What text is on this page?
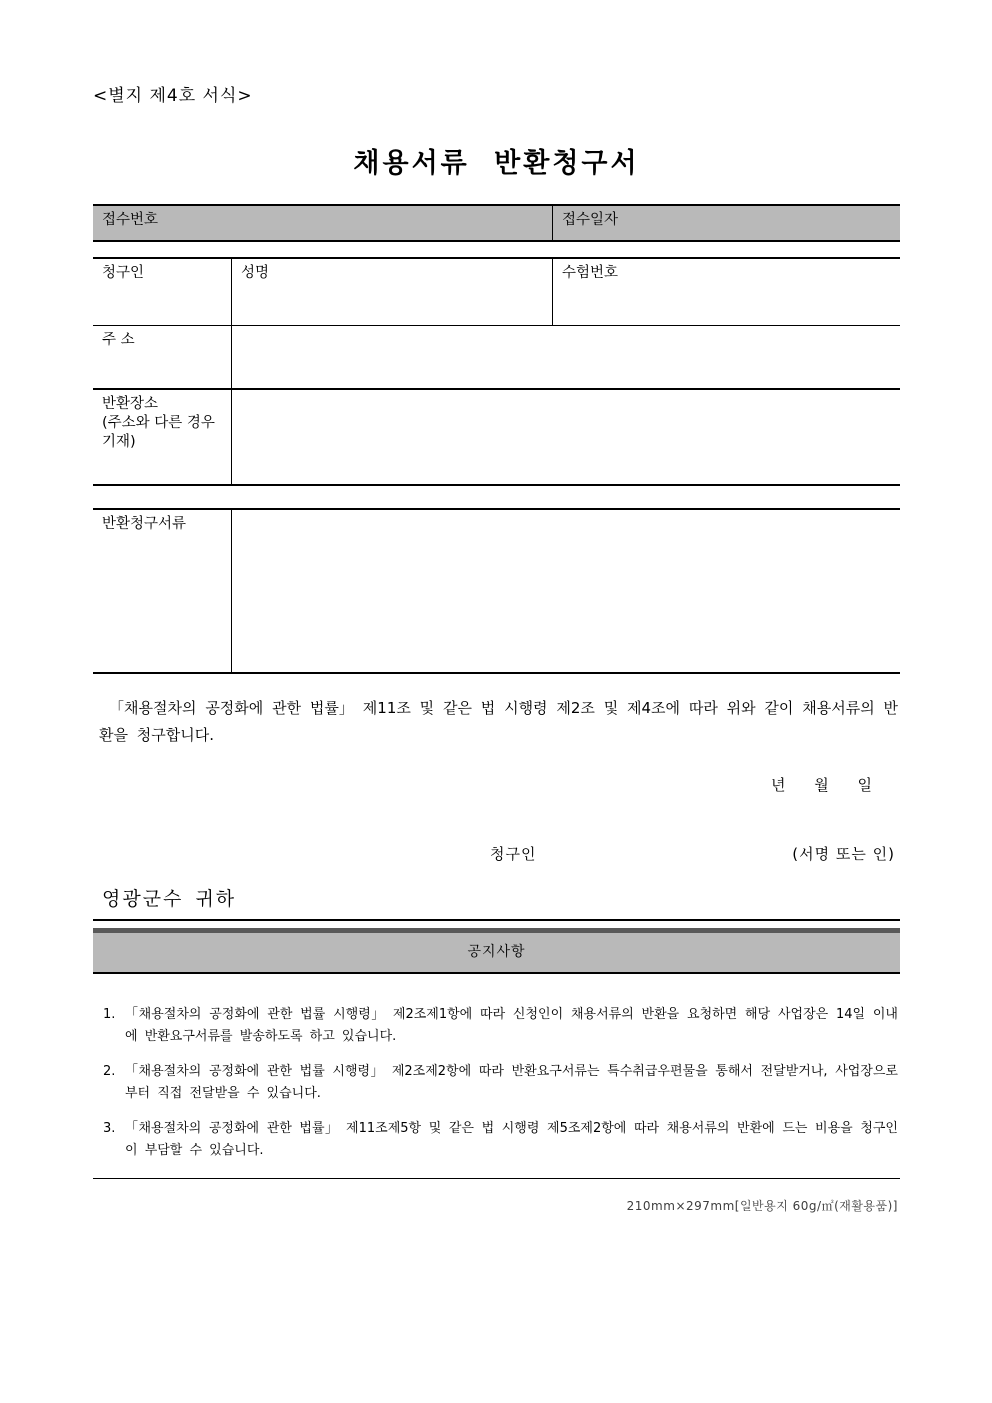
<별지 제4호 서식>
채용서류 반환청구서
접수번호	접수일자
청구인	성명	수험번호
주 소
반환장소
(주소와 다른 경우 기재)
반환청구서류
「채용절차의 공정화에 관한 법률」 제11조 및 같은 법 시행령 제2조 및 제4조에 따라 위와 같이 채용서류의 반환을 청구합니다.
년 월 일
청구인	(서명 또는 인)
영광군수 귀하
공지사항
1. 「채용절차의 공정화에 관한 법률 시행령」 제2조제1항에 따라 신청인이 채용서류의 반환을 요청하면 해당 사업장은 14일 이내에 반환요구서류를 발송하도록 하고 있습니다.
2. 「채용절차의 공정화에 관한 법률 시행령」 제2조제2항에 따라 반환요구서류는 특수취급우편물을 통해서 전달받거나, 사업장으로부터 직접 전달받을 수 있습니다.
3. 「채용절차의 공정화에 관한 법률」 제11조제5항 및 같은 법 시행령 제5조제2항에 따라 채용서류의 반환에 드는 비용을 청구인이 부담할 수 있습니다.
210mm×297mm[일반용지 60g/㎡(재활용품)]
